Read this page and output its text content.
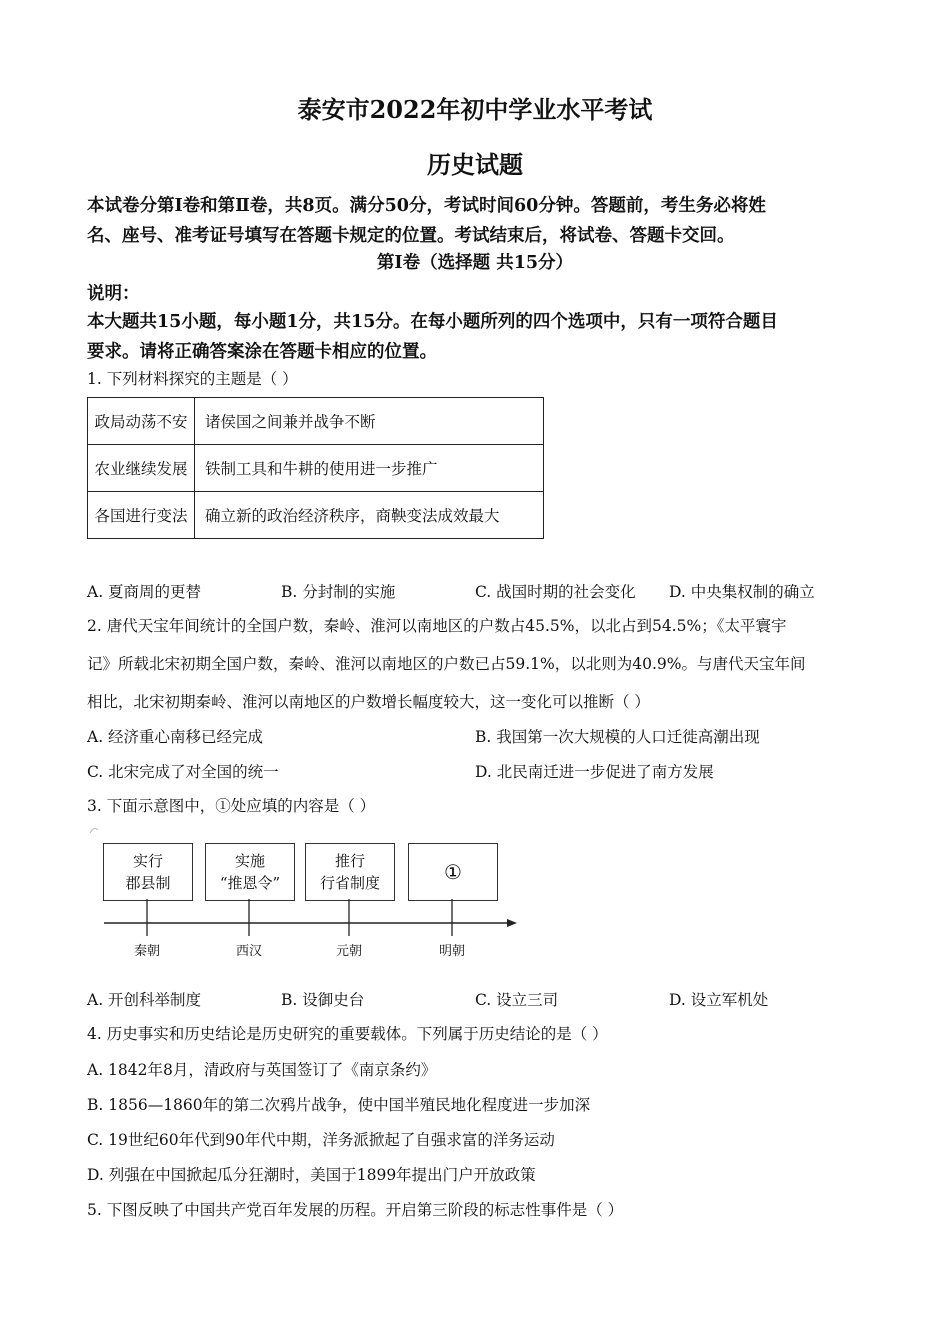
泰安市2022年初中学业水平考试
历史试题
本试卷分第Ⅰ卷和第Ⅱ卷，共8页。满分50分，考试时间60分钟。答题前，考生务必将姓
名、座号、准考证号填写在答题卡规定的位置。考试结束后，将试卷、答题卡交回。
第Ⅰ卷（选择题 共15分）
说明：
本大题共15小题，每小题1分，共15分。在每小题所列的四个选项中，只有一项符合题目
要求。请将正确答案涂在答题卡相应的位置。
1. 下列材料探究的主题是（ ）
政局动荡不安	诸侯国之间兼并战争不断
农业继续发展	铁制工具和牛耕的使用进一步推广
各国进行变法	确立新的政治经济秩序，商鞅变法成效最大
A. 夏商周的更替	B. 分封制的实施	C. 战国时期的社会变化 D. 中央集权制的确立
2. 唐代天宝年间统计的全国户数，秦岭、淮河以南地区的户数占45.5%，以北占到54.5%；《太平寰宇
记》所载北宋初期全国户数，秦岭、淮河以南地区的户数已占59.1%，以北则为40.9%。与唐代天宝年间
相比，北宋初期秦岭、淮河以南地区的户数增长幅度较大，这一变化可以推断（ ）
A. 经济重心南移已经完成	B. 我国第一次大规模的人口迁徙高潮出现
C. 北宋完成了对全国的统一	D. 北民南迁进一步促进了南方发展
3. 下面示意图中，①处应填的内容是（ ）
实行
郡县制
实施
“推恩令”
推行
行省制度	①
秦朝	西汉	元朝	明朝
A. 开创科举制度	B. 设御史台	C. 设立三司	D. 设立军机处
4. 历史事实和历史结论是历史研究的重要载体。下列属于历史结论的是（ ）
A. 1842年8月，清政府与英国签订了《南京条约》
B. 1856—1860年的第二次鸦片战争，使中国半殖民地化程度进一步加深
C. 19世纪60年代到90年代中期，洋务派掀起了自强求富的洋务运动
D. 列强在中国掀起瓜分狂潮时，美国于1899年提出门户开放政策
5. 下图反映了中国共产党百年发展的历程。开启第三阶段的标志性事件是（ ）
